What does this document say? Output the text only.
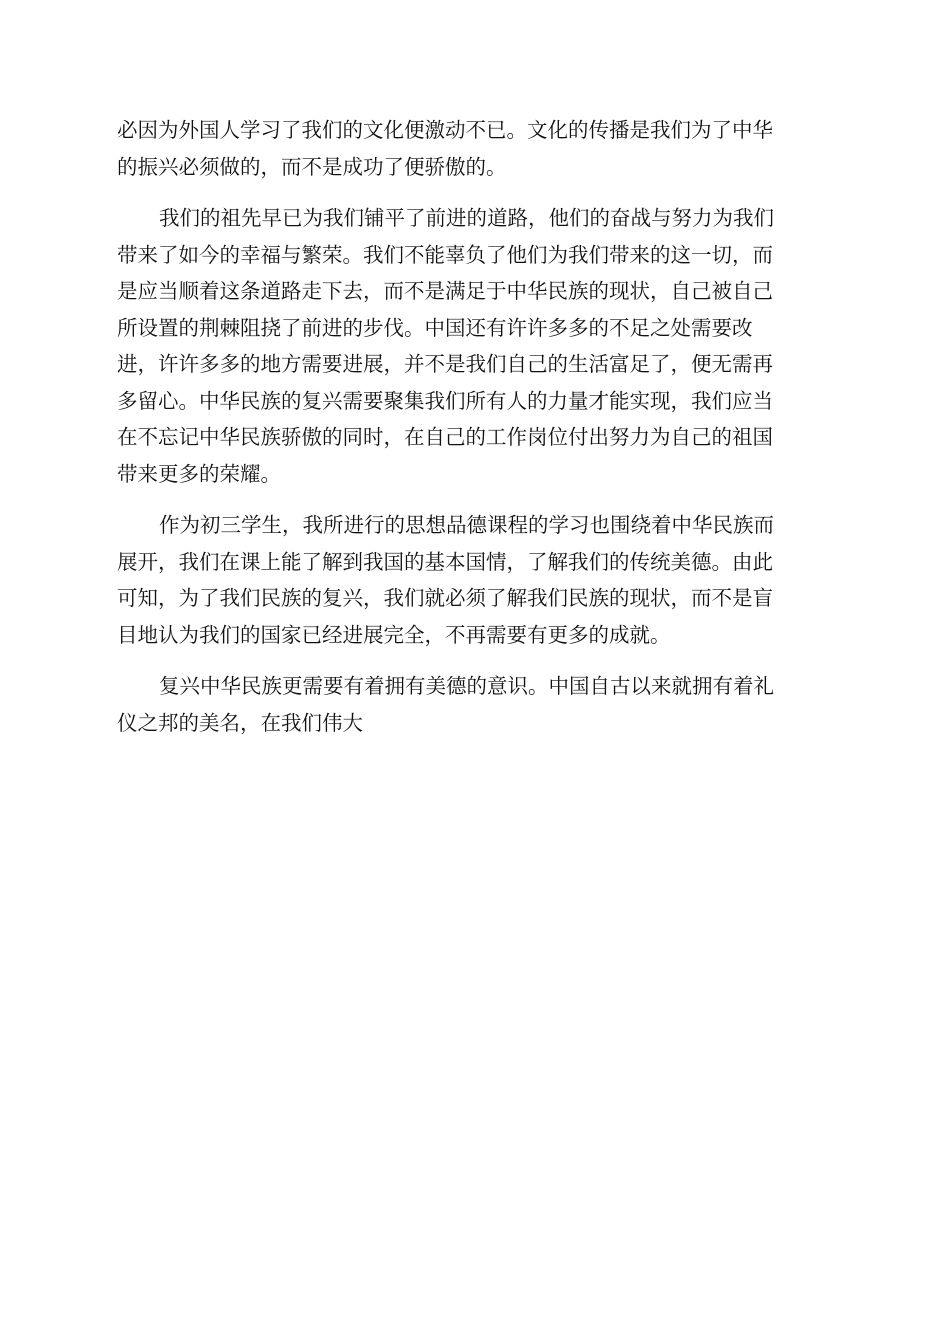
必因为外国人学习了我们的文化便激动不已。文化的传播是我们为了中华
的振兴必须做的，而不是成功了便骄傲的。

我们的祖先早已为我们铺平了前进的道路，他们的奋战与努力为我们
带来了如今的幸福与繁荣。我们不能辜负了他们为我们带来的这一切，而
是应当顺着这条道路走下去，而不是满足于中华民族的现状，自己被自己
所设置的荆棘阻挠了前进的步伐。中国还有许许多多的不足之处需要改
进，许许多多的地方需要进展，并不是我们自己的生活富足了，便无需再
多留心。中华民族的复兴需要聚集我们所有人的力量才能实现，我们应当
在不忘记中华民族骄傲的同时，在自己的工作岗位付出努力为自己的祖国
带来更多的荣耀。

作为初三学生，我所进行的思想品德课程的学习也围绕着中华民族而
展开，我们在课上能了解到我国的基本国情，了解我们的传统美德。由此
可知，为了我们民族的复兴，我们就必须了解我们民族的现状，而不是盲
目地认为我们的国家已经进展完全，不再需要有更多的成就。

复兴中华民族更需要有着拥有美德的意识。中国自古以来就拥有着礼
仪之邦的美名，在我们伟大
